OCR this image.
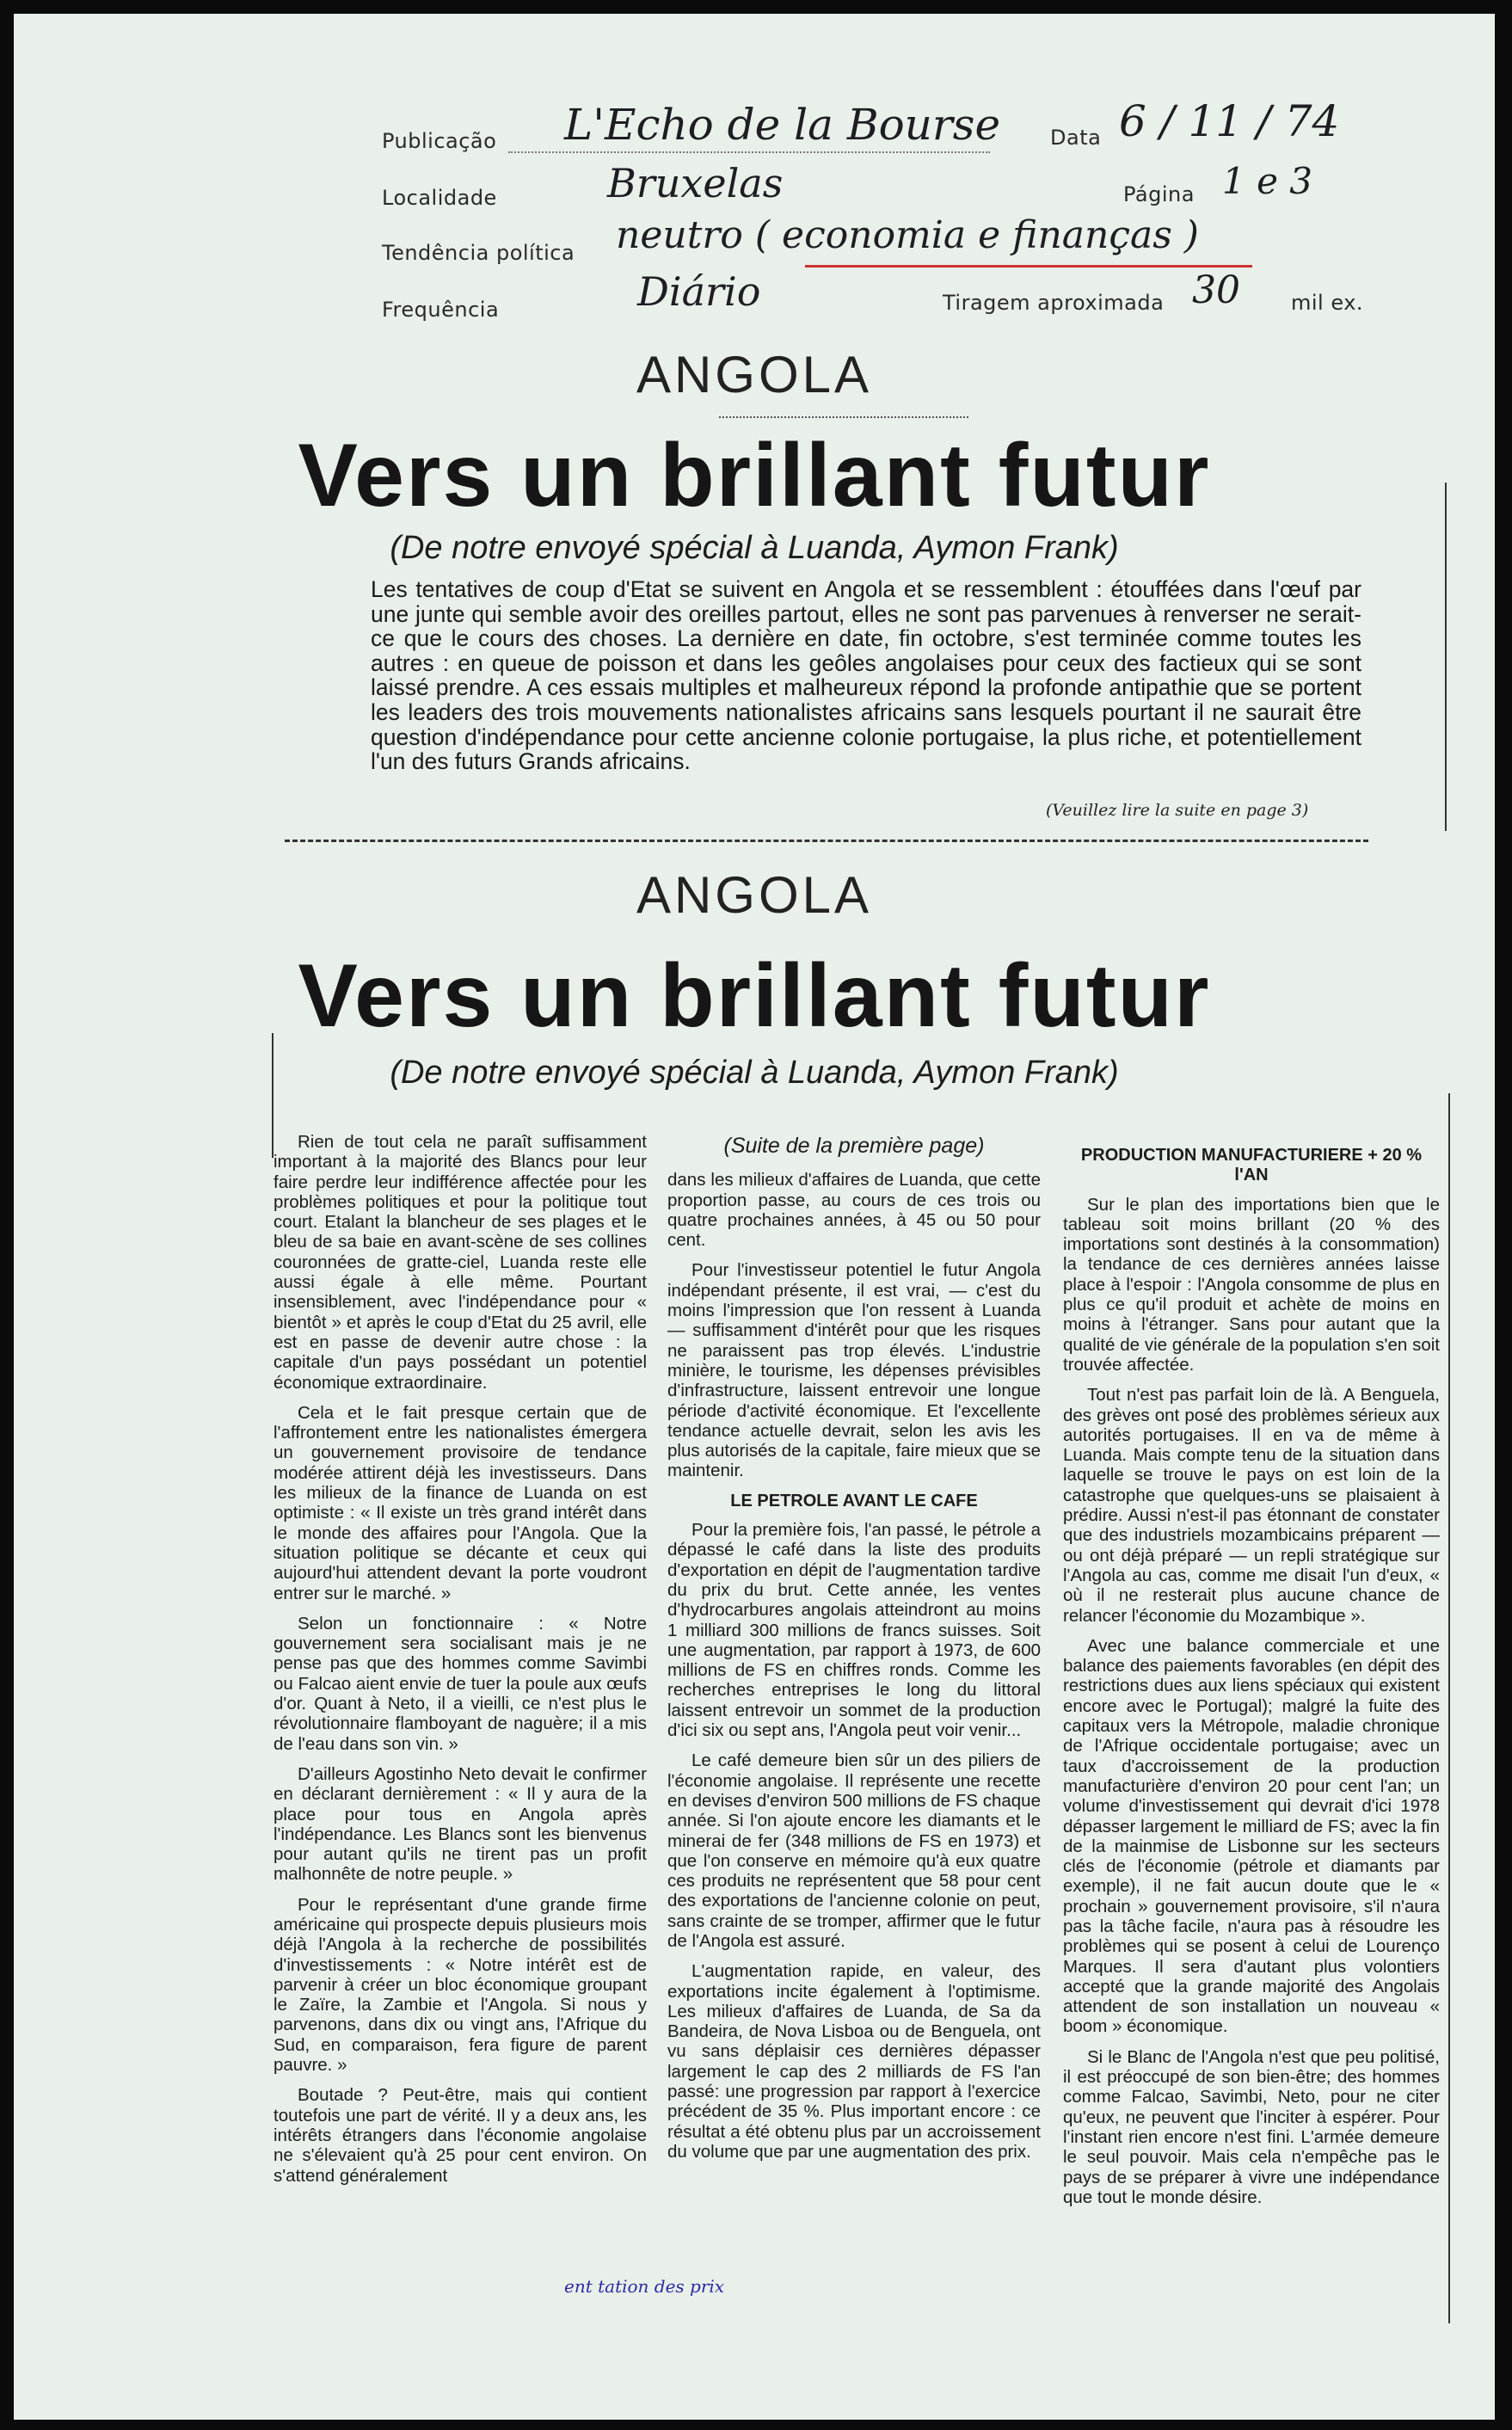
Publicação L'Echo de la Bourse Data 6 / 11 / 74
Localidade	Bruxelas	Página 1 e 3
Tendência política neutro ( economia e finanças )
Frequência	Diário	Tiragem aproximada 30 mil ex.
ANGOLA
Vers un brillant futur
(De notre envoyé spécial à Luanda, Aymon Frank)
Les tentatives de coup d'Etat se suivent en Angola et se ressemblent : étouffées dans l'œuf par une junte qui semble avoir des oreilles partout, elles ne sont pas parvenues à renverser ne serait-ce que le cours des choses. La dernière en date, fin octobre, s'est terminée comme toutes les autres : en queue de poisson et dans les geôles angolaises pour ceux des factieux qui se sont laissé prendre. A ces essais multiples et malheureux répond la profonde antipathie que se portent les leaders des trois mouvements nationalistes africains sans lesquels pourtant il ne saurait être question d'indépendance pour cette ancienne colonie portugaise, la plus riche, et potentiellement l'un des futurs Grands africains.
(Veuillez lire la suite en page 3)
ANGOLA
Vers un brillant futur
(De notre envoyé spécial à Luanda, Aymon Frank)

Rien de tout cela ne paraît suffisamment important à la majorité des Blancs pour leur faire perdre leur indifférence affectée pour les problèmes politiques et pour la politique tout court. Etalant la blancheur de ses plages et le bleu de sa baie en avant-scène de ses collines couronnées de gratte-ciel, Luanda reste elle aussi égale à elle même. Pourtant insensiblement, avec l'indépendance pour « bientôt » et après le coup d'Etat du 25 avril, elle est en passe de devenir autre chose : la capitale d'un pays possédant un potentiel économique extraordinaire.

Cela et le fait presque certain que de l'affrontement entre les nationalistes émergera un gouvernement provisoire de tendance modérée attirent déjà les investisseurs. Dans les milieux de la finance de Luanda on est optimiste : « Il existe un très grand intérêt dans le monde des affaires pour l'Angola. Que la situation politique se décante et ceux qui aujourd'hui attendent devant la porte voudront entrer sur le marché. »

Selon un fonctionnaire : « Notre gouvernement sera socialisant mais je ne pense pas que des hommes comme Savimbi ou Falcao aient envie de tuer la poule aux œufs d'or. Quant à Neto, il a vieilli, ce n'est plus le révolutionnaire flamboyant de naguère; il a mis de l'eau dans son vin. »

D'ailleurs Agostinho Neto devait le confirmer en déclarant dernièrement : « Il y aura de la place pour tous en Angola après l'indépendance. Les Blancs sont les bienvenus pour autant qu'ils ne tirent pas un profit malhonnête de notre peuple. »

Pour le représentant d'une grande firme américaine qui prospecte depuis plusieurs mois déjà l'Angola à la recherche de possibilités d'investissements : « Notre intérêt est de parvenir à créer un bloc économique groupant le Zaïre, la Zambie et l'Angola. Si nous y parvenons, dans dix ou vingt ans, l'Afrique du Sud, en comparaison, fera figure de parent pauvre. »

Boutade ? Peut-être, mais qui contient toutefois une part de vérité. Il y a deux ans, les intérêts étrangers dans l'économie angolaise ne s'élevaient qu'à 25 pour cent environ. On s'attend généralement

(Suite de la première page)

dans les milieux d'affaires de Luanda, que cette proportion passe, au cours de ces trois ou quatre prochaines années, à 45 ou 50 pour cent.

Pour l'investisseur potentiel le futur Angola indépendant présente, il est vrai, — c'est du moins l'impression que l'on ressent à Luanda — suffisamment d'intérêt pour que les risques ne paraissent pas trop élevés. L'industrie minière, le tourisme, les dépenses prévisibles d'infrastructure, laissent entrevoir une longue période d'activité économique. Et l'excellente tendance actuelle devrait, selon les avis les plus autorisés de la capitale, faire mieux que se maintenir.

LE PETROLE AVANT LE CAFE

Pour la première fois, l'an passé, le pétrole a dépassé le café dans la liste des produits d'exportation en dépit de l'augmentation tardive du prix du brut. Cette année, les ventes d'hydrocarbures angolais atteindront au moins 1 milliard 300 millions de francs suisses. Soit une augmentation, par rapport à 1973, de 600 millions de FS en chiffres ronds. Comme les recherches entreprises le long du littoral laissent entrevoir un sommet de la production d'ici six ou sept ans, l'Angola peut voir venir...

Le café demeure bien sûr un des piliers de l'économie angolaise. Il représente une recette en devises d'environ 500 millions de FS chaque année. Si l'on ajoute encore les diamants et le minerai de fer (348 millions de FS en 1973) et que l'on conserve en mémoire qu'à eux quatre ces produits ne représentent que 58 pour cent des exportations de l'ancienne colonie on peut, sans crainte de se tromper, affirmer que le futur de l'Angola est assuré.

L'augmentation rapide, en valeur, des exportations incite également à l'optimisme. Les milieux d'affaires de Luanda, de Sa da Bandeira, de Nova Lisboa ou de Benguela, ont vu sans déplaisir ces dernières dépasser largement le cap des 2 milliards de FS l'an passé: une progression par rapport à l'exercice précédent de 35 %. Plus important encore : ce résultat a été obtenu plus par un accroissement du volume que par une augmentation des prix.

PRODUCTION MANUFACTURIERE + 20 % l'AN

Sur le plan des importations bien que le tableau soit moins brillant (20 % des importations sont destinés à la consommation) la tendance de ces dernières années laisse place à l'espoir : l'Angola consomme de plus en plus ce qu'il produit et achète de moins en moins à l'étranger. Sans pour autant que la qualité de vie générale de la population s'en soit trouvée affectée.

Tout n'est pas parfait loin de là. A Benguela, des grèves ont posé des problèmes sérieux aux autorités portugaises. Il en va de même à Luanda. Mais compte tenu de la situation dans laquelle se trouve le pays on est loin de la catastrophe que quelques-uns se plaisaient à prédire. Aussi n'est-il pas étonnant de constater que des industriels mozambicains préparent — ou ont déjà préparé — un repli stratégique sur l'Angola au cas, comme me disait l'un d'eux, « où il ne resterait plus aucune chance de relancer l'économie du Mozambique ».

Avec une balance commerciale et une balance des paiements favorables (en dépit des restrictions dues aux liens spéciaux qui existent encore avec le Portugal); malgré la fuite des capitaux vers la Métropole, maladie chronique de l'Afrique occidentale portugaise; avec un taux d'accroissement de la production manufacturière d'environ 20 pour cent l'an; un volume d'investissement qui devrait d'ici 1978 dépasser largement le milliard de FS; avec la fin de la mainmise de Lisbonne sur les secteurs clés de l'économie (pétrole et diamants par exemple), il ne fait aucun doute que le « prochain » gouvernement provisoire, s'il n'aura pas la tâche facile, n'aura pas à résoudre les problèmes qui se posent à celui de Lourenço Marques. Il sera d'autant plus volontiers accepté que la grande majorité des Angolais attendent de son installation un nouveau « boom » économique.

Si le Blanc de l'Angola n'est que peu politisé, il est préoccupé de son bien-être; des hommes comme Falcao, Savimbi, Neto, pour ne citer qu'eux, ne peuvent que l'inciter à espérer. Pour l'instant rien encore n'est fini. L'armée demeure le seul pouvoir. Mais cela n'empêche pas le pays de se préparer à vivre une indépendance que tout le monde désire.

ent tation des prix
